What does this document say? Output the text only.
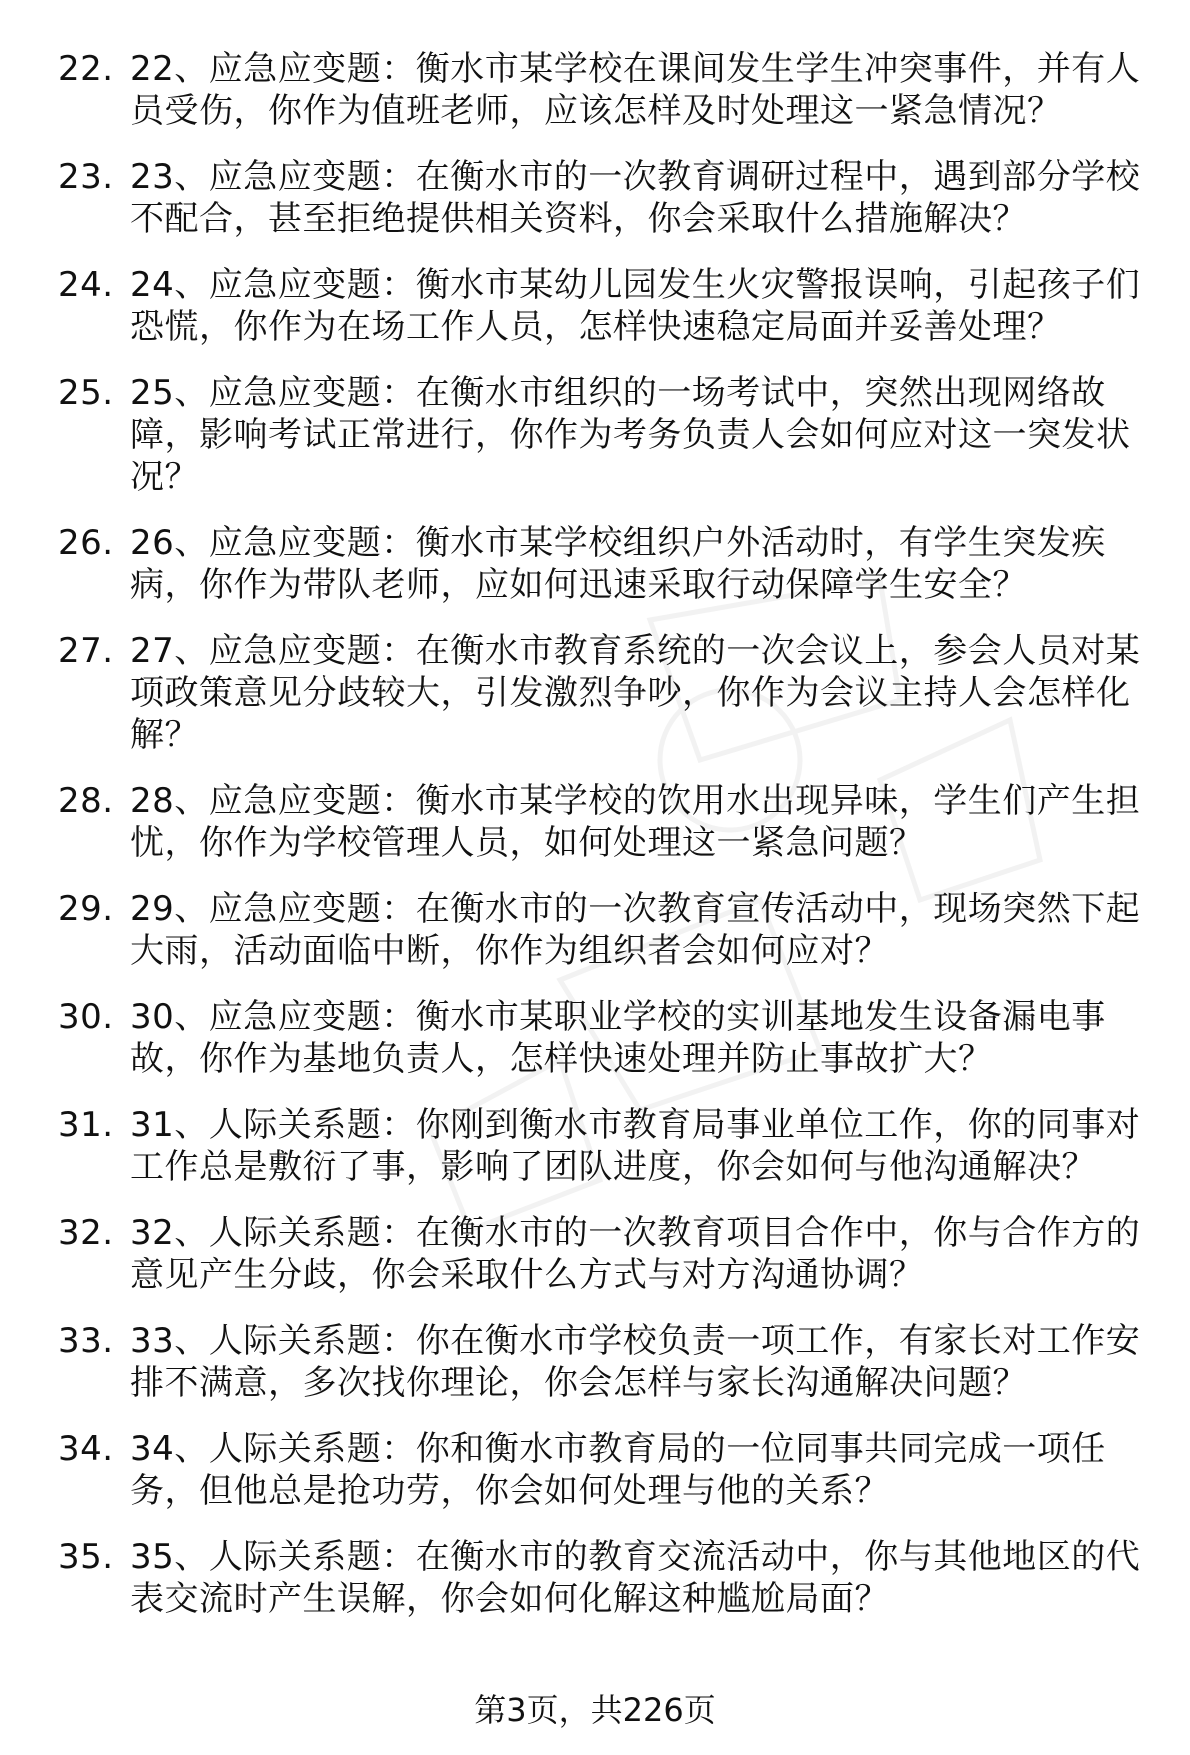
22. 22、应急应变题：衡水市某学校在课间发生学生冲突事件，并有人员受伤，你作为值班老师，应该怎样及时处理这一紧急情况？
23. 23、应急应变题：在衡水市的一次教育调研过程中，遇到部分学校不配合，甚至拒绝提供相关资料，你会采取什么措施解决？
24. 24、应急应变题：衡水市某幼儿园发生火灾警报误响，引起孩子们恐慌，你作为在场工作人员，怎样快速稳定局面并妥善处理？
25. 25、应急应变题：在衡水市组织的一场考试中，突然出现网络故障，影响考试正常进行，你作为考务负责人会如何应对这一突发状况？
26. 26、应急应变题：衡水市某学校组织户外活动时，有学生突发疾病，你作为带队老师，应如何迅速采取行动保障学生安全？
27. 27、应急应变题：在衡水市教育系统的一次会议上，参会人员对某项政策意见分歧较大，引发激烈争吵，你作为会议主持人会怎样化解？
28. 28、应急应变题：衡水市某学校的饮用水出现异味，学生们产生担忧，你作为学校管理人员，如何处理这一紧急问题？
29. 29、应急应变题：在衡水市的一次教育宣传活动中，现场突然下起大雨，活动面临中断，你作为组织者会如何应对？
30. 30、应急应变题：衡水市某职业学校的实训基地发生设备漏电事故，你作为基地负责人，怎样快速处理并防止事故扩大？
31. 31、人际关系题：你刚到衡水市教育局事业单位工作，你的同事对工作总是敷衍了事，影响了团队进度，你会如何与他沟通解决？
32. 32、人际关系题：在衡水市的一次教育项目合作中，你与合作方的意见产生分歧，你会采取什么方式与对方沟通协调？
33. 33、人际关系题：你在衡水市学校负责一项工作，有家长对工作安排不满意，多次找你理论，你会怎样与家长沟通解决问题？
34. 34、人际关系题：你和衡水市教育局的一位同事共同完成一项任务，但他总是抢功劳，你会如何处理与他的关系？
35. 35、人际关系题：在衡水市的教育交流活动中，你与其他地区的代表交流时产生误解，你会如何化解这种尴尬局面？
第3页，共226页
